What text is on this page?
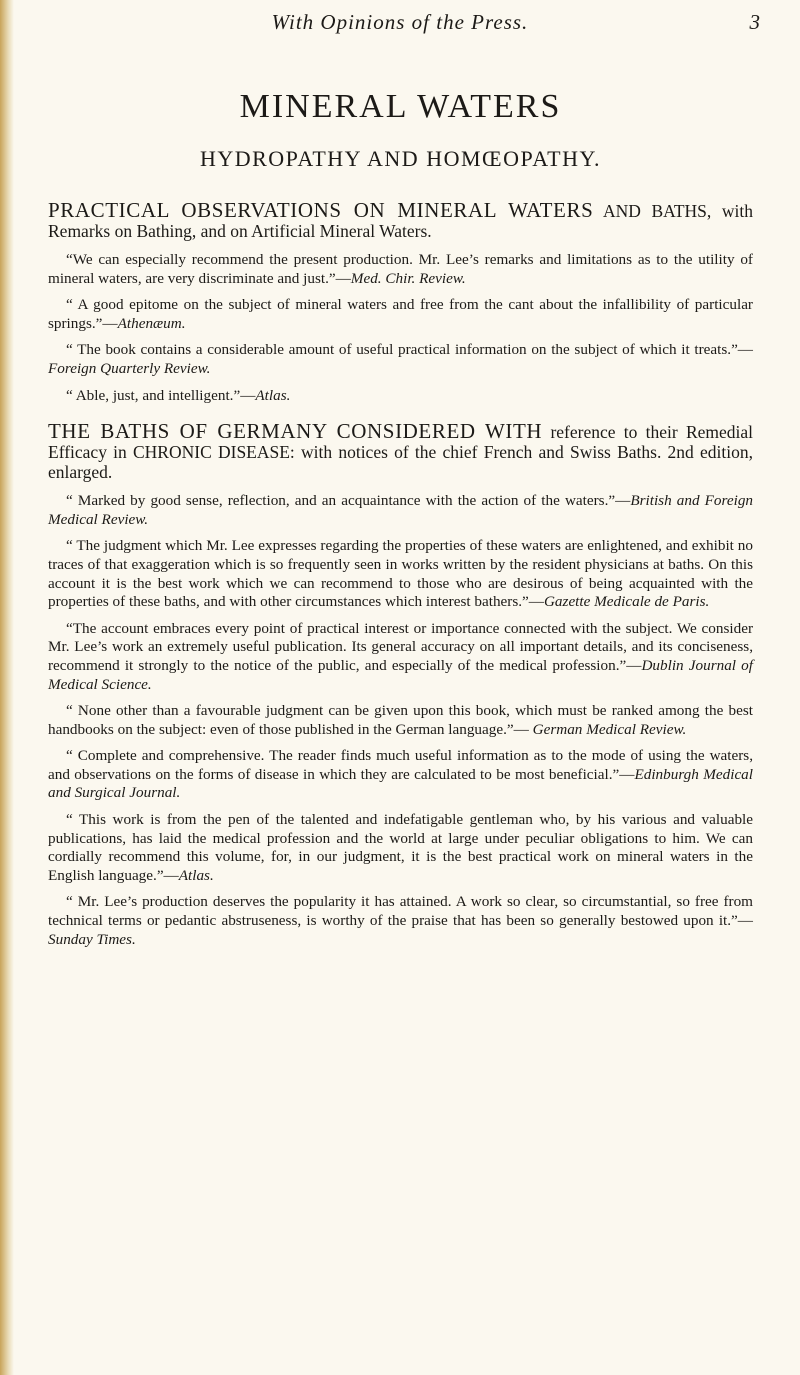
With Opinions of the Press.	3
MINERAL WATERS
HYDROPATHY AND HOMŒOPATHY.

PRACTICAL OBSERVATIONS ON MINERAL WATERS AND BATHS, with Remarks on Bathing, and on Artificial Mineral Waters.

“We can especially recommend the present production. Mr. Lee’s remarks and limitations as to the utility of mineral waters, are very discriminate and just.”—Med. Chir. Review.

“ A good epitome on the subject of mineral waters and free from the cant about the infallibility of particular springs.”—Athenæum.

“ The book contains a considerable amount of useful practical information on the subject of which it treats.”—Foreign Quarterly Review.

“ Able, just, and intelligent.”—Atlas.

THE BATHS OF GERMANY CONSIDERED WITH reference to their Remedial Efficacy in CHRONIC DISEASE: with notices of the chief French and Swiss Baths. 2nd edition, enlarged.

“ Marked by good sense, reflection, and an acquaintance with the action of the waters.”—British and Foreign Medical Review.

“ The judgment which Mr. Lee expresses regarding the properties of these waters are enlightened, and exhibit no traces of that exaggeration which is so frequently seen in works written by the resident physicians at baths. On this account it is the best work which we can recommend to those who are desirous of being acquainted with the properties of these baths, and with other circumstances which interest bathers.”—Gazette Medicale de Paris.

“The account embraces every point of practical interest or importance connected with the subject. We consider Mr. Lee’s work an extremely useful publication. Its general accuracy on all important details, and its conciseness, recommend it strongly to the notice of the public, and especially of the medical profession.”—Dublin Journal of Medical Science.

“ None other than a favourable judgment can be given upon this book, which must be ranked among the best handbooks on the subject: even of those published in the German language.”— German Medical Review.

“ Complete and comprehensive. The reader finds much useful information as to the mode of using the waters, and observations on the forms of disease in which they are calculated to be most beneficial.”—Edinburgh Medical and Surgical Journal.

“ This work is from the pen of the talented and indefatigable gentleman who, by his various and valuable publications, has laid the medical profession and the world at large under peculiar obligations to him. We can cordially recommend this volume, for, in our judgment, it is the best practical work on mineral waters in the English language.”—Atlas.

“ Mr. Lee’s production deserves the popularity it has attained. A work so clear, so circumstantial, so free from technical terms or pedantic abstruseness, is worthy of the praise that has been so generally bestowed upon it.”—Sunday Times.
